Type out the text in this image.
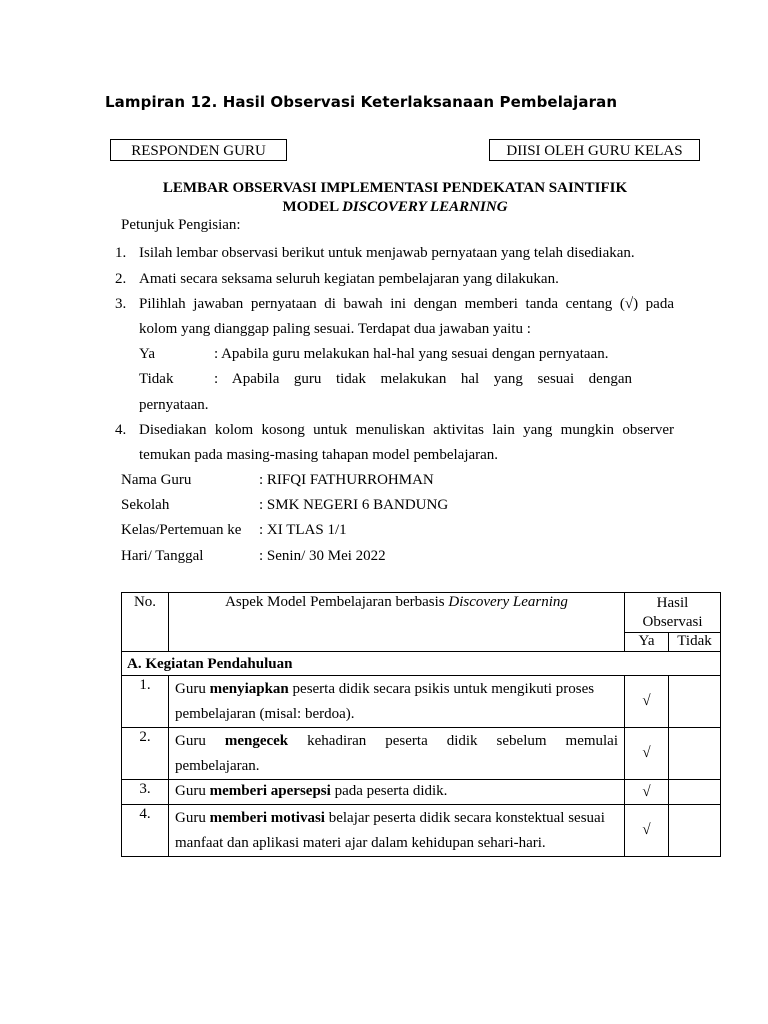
Lampiran 12. Hasil Observasi Keterlaksanaan Pembelajaran
RESPONDEN GURU	DIISI OLEH GURU KELAS
LEMBAR OBSERVASI IMPLEMENTASI PENDEKATAN SAINTIFIK
MODEL DISCOVERY LEARNING
Petunjuk Pengisian:
1. Isilah lembar observasi berikut untuk menjawab pernyataan yang telah disediakan.
2. Amati secara seksama seluruh kegiatan pembelajaran yang dilakukan.
3. Pilihlah jawaban pernyataan di bawah ini dengan memberi tanda centang (√) pada
kolom yang dianggap paling sesuai. Terdapat dua jawaban yaitu :
Ya	: Apabila guru melakukan hal-hal yang sesuai dengan pernyataan.
Tidak	: Apabila guru tidak melakukan hal yang sesuai dengan
pernyataan.
4. Disediakan kolom kosong untuk menuliskan aktivitas lain yang mungkin observer
temukan pada masing-masing tahapan model pembelajaran.
Nama Guru	: RIFQI FATHURROHMAN
Sekolah	: SMK NEGERI 6 BANDUNG
Kelas/Pertemuan ke : XI TLAS 1/1
Hari/ Tanggal	: Senin/ 30 Mei 2022
No.	Aspek Model Pembelajaran berbasis Discovery Learning	Hasil Observasi	
		Ya	Tidak
A. Kegiatan Pendahuluan			
1.	Guru menyiapkan peserta didik secara psikis untuk mengikuti proses
pembelajaran (misal: berdoa).	√	
2.	Guru mengecek kehadiran peserta didik sebelum memulai
pembelajaran.	√	
3.	Guru memberi apersepsi pada peserta didik.	√	
4.	Guru memberi motivasi belajar peserta didik secara konstektual sesuai
manfaat dan aplikasi materi ajar dalam kehidupan sehari-hari.	√	
